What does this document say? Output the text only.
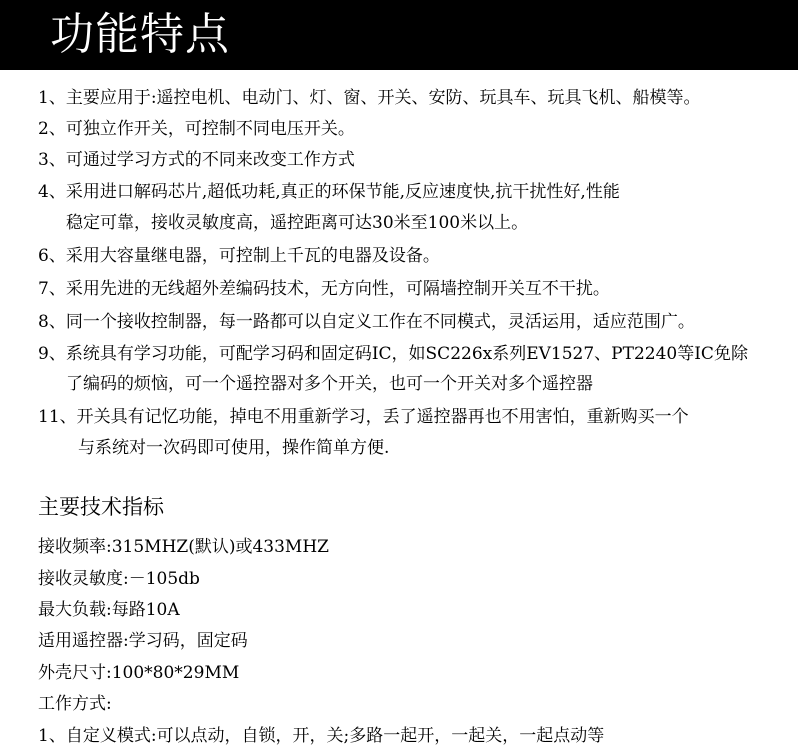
功能特点
1、主要应用于:遥控电机、电动门、灯、窗、开关、安防、玩具车、玩具飞机、船模等。
2、可独立作开关，可控制不同电压开关。
3、可通过学习方式的不同来改变工作方式
4、采用进口解码芯片,超低功耗,真正的环保节能,反应速度快,抗干扰性好,性能
稳定可靠，接收灵敏度高，遥控距离可达30米至100米以上。
6、采用大容量继电器，可控制上千瓦的电器及设备。
7、采用先进的无线超外差编码技术，无方向性，可隔墙控制开关互不干扰。
8、同一个接收控制器，每一路都可以自定义工作在不同模式，灵活运用，适应范围广。
9、系统具有学习功能，可配学习码和固定码IC，如SC226x系列EV1527、PT2240等IC免除
了编码的烦恼，可一个遥控器对多个开关，也可一个开关对多个遥控器
11、开关具有记忆功能，掉电不用重新学习，丢了遥控器再也不用害怕，重新购买一个
与系统对一次码即可使用，操作简单方便.
主要技术指标
接收频率:315MHZ(默认)或433MHZ
接收灵敏度:－105db
最大负载:每路10A
适用遥控器:学习码，固定码
外壳尺寸:100*80*29MM
工作方式:
1、自定义模式:可以点动，自锁，开，关;多路一起开，一起关，一起点动等
